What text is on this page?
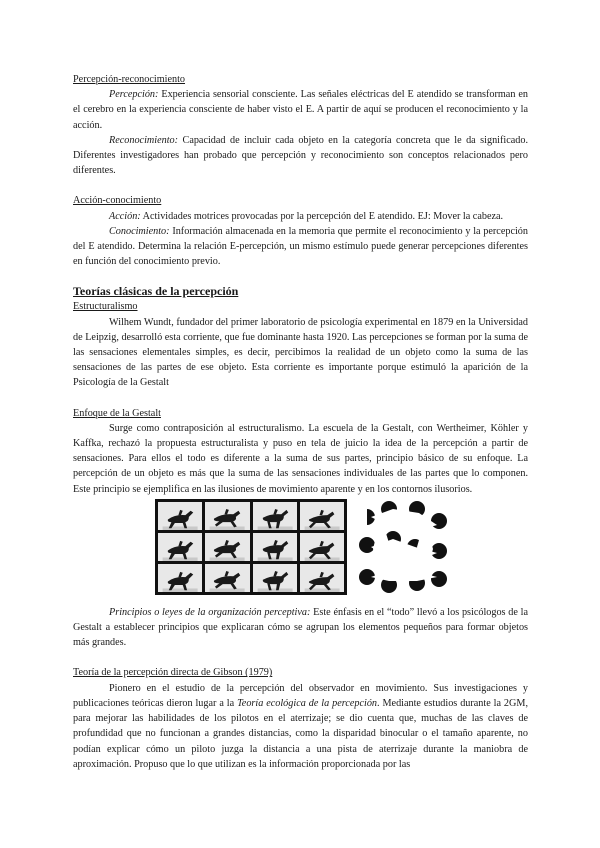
Percepción-reconocimiento

Percepción: Experiencia sensorial consciente. Las señales eléctricas del E atendido se transforman en el cerebro en la experiencia consciente de haber visto el E. A partir de aquí se producen el reconocimiento y la acción.

Reconocimiento: Capacidad de incluir cada objeto en la categoría concreta que le da significado. Diferentes investigadores han probado que percepción y reconocimiento son conceptos relacionados pero diferentes.

Acción-conocimiento

Acción: Actividades motrices provocadas por la percepción del E atendido. EJ: Mover la cabeza.

Conocimiento: Información almacenada en la memoria que permite el reconocimiento y la percepción del E atendido. Determina la relación E-percepción, un mismo estímulo puede generar percepciones diferentes en función del conocimiento previo.

Teorías clásicas de la percepción
Estructuralismo

Wilhem Wundt, fundador del primer laboratorio de psicología experimental en 1879 en la Universidad de Leipzig, desarrolló esta corriente, que fue dominante hasta 1920. Las percepciones se forman por la suma de las sensaciones elementales simples, es decir, percibimos la realidad de un objeto como la suma de las sensaciones de las partes de ese objeto. Esta corriente es importante porque estimuló la aparición de la Psicología de la Gestalt

Enfoque de la Gestalt

Surge como contraposición al estructuralismo. La escuela de la Gestalt, con Wertheimer, Köhler y Kaffka, rechazó la propuesta estructuralista y puso en tela de juicio la idea de la percepción a partir de sensaciones. Para ellos el todo es diferente a la suma de sus partes, principio básico de su enfoque. La percepción de un objeto es más que la suma de las sensaciones individuales de las partes que lo componen. Este principio se ejemplifica en las ilusiones de movimiento aparente y en los contornos ilusorios.

Principios o leyes de la organización perceptiva: Este énfasis en el “todo” llevó a los psicólogos de la Gestalt a establecer principios que explicaran cómo se agrupan los elementos pequeños para formar objetos más grandes.

Teoría de la percepción directa de Gibson (1979)

Pionero en el estudio de la percepción del observador en movimiento. Sus investigaciones y publicaciones teóricas dieron lugar a la Teoría ecológica de la percepción. Mediante estudios durante la 2GM, para mejorar las habilidades de los pilotos en el aterrizaje; se dio cuenta que, muchas de las claves de profundidad que no funcionan a grandes distancias, como la disparidad binocular o el tamaño aparente, no podían explicar cómo un piloto juzga la distancia a una pista de aterrizaje durante la maniobra de aproximación. Propuso que lo que utilizan es la información proporcionada por las
